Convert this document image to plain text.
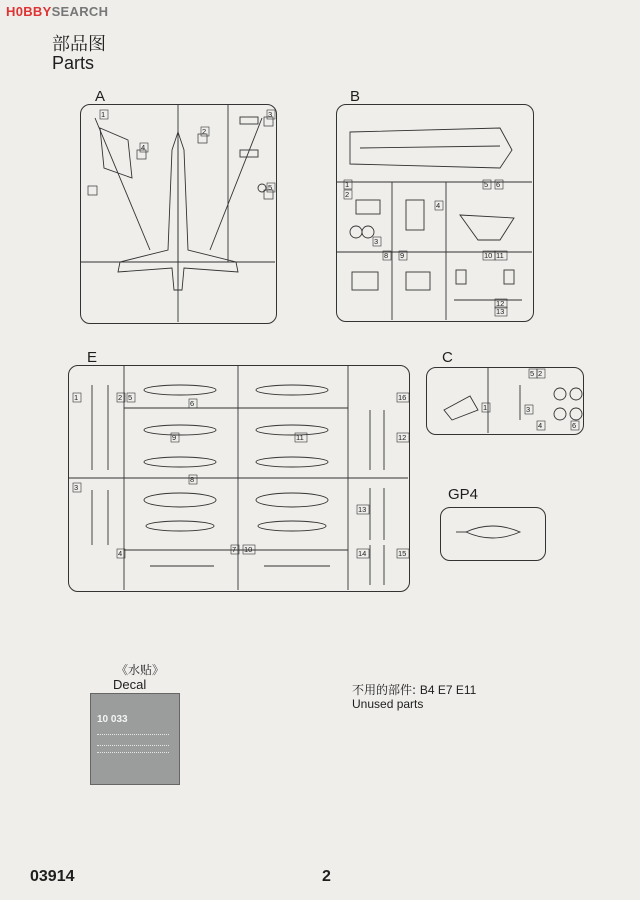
H0BBYSEARCH
部品图
Parts
A	B
E	C
GP4
1
2
3
4
5	1
2
3
4
5 6
8 9	10 11
12
13
1
2
3
4
5
6
1	2
3
4
5
6
7
8
9
10
11	12
13
14	15
16
《水贴》
Decal
10 033
不用的部件: B4 E7 E11
Unused parts
03914	2
